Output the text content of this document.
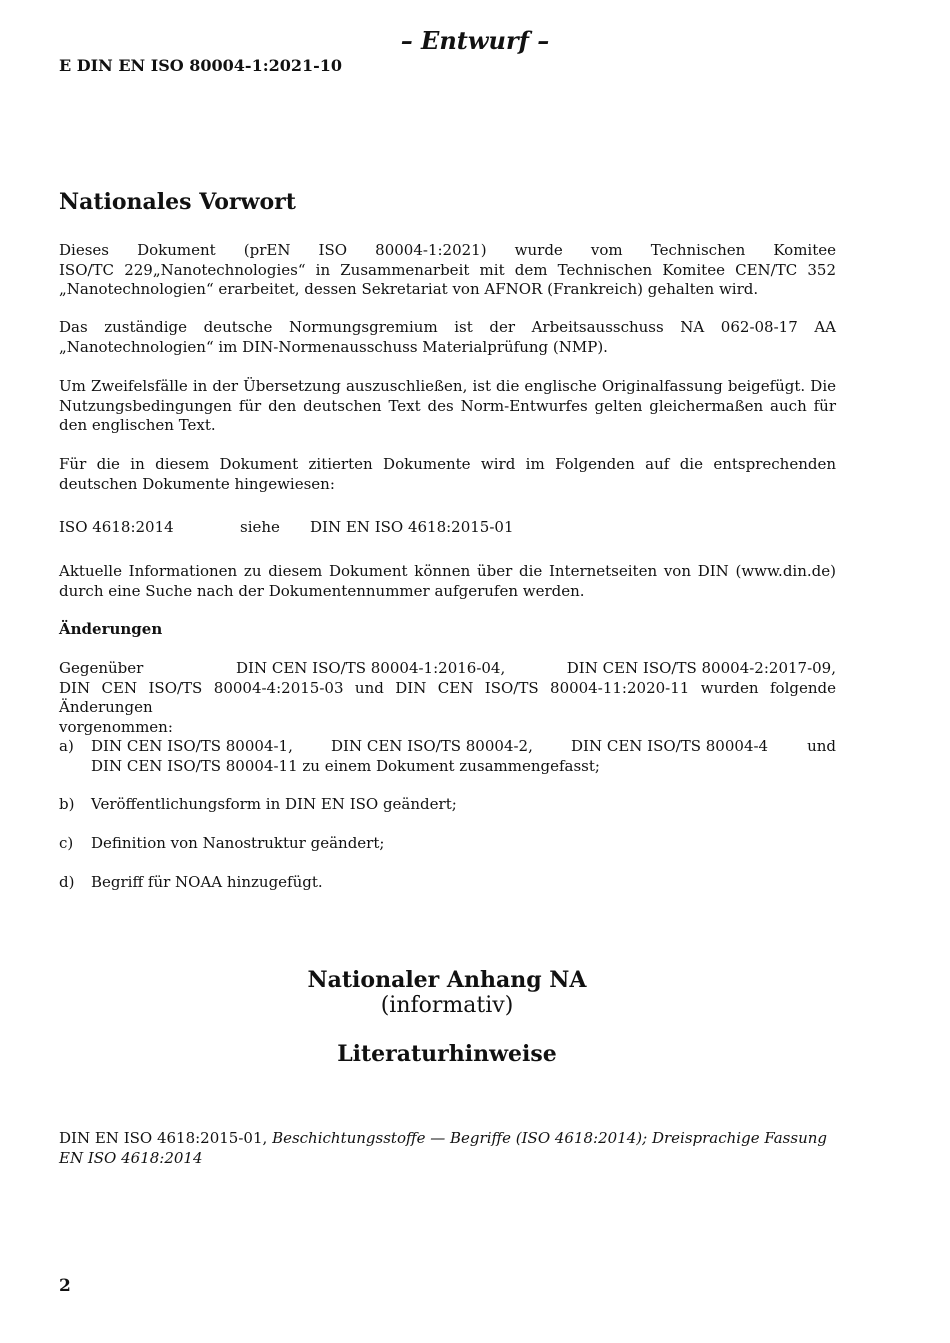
– Entwurf –
E DIN EN ISO 80004-1:2021-10
Nationales Vorwort
Dieses Dokument (prEN ISO 80004-1:2021) wurde vom Technischen Komitee
ISO/TC 229„Nanotechnologies“ in Zusammenarbeit mit dem Technischen Komitee CEN/TC 352
„Nanotechnologien“ erarbeitet, dessen Sekretariat von AFNOR (Frankreich) gehalten wird.
Das zuständige deutsche Normungsgremium ist der Arbeitsausschuss NA 062-08-17 AA „Nanotechnologien“ im DIN-Normenausschuss Materialprüfung (NMP).
Um Zweifelsfälle in der Übersetzung auszuschließen, ist die englische Originalfassung beigefügt. Die Nutzungsbedingungen für den deutschen Text des Norm-Entwurfes gelten gleichermaßen auch für den englischen Text.
Für die in diesem Dokument zitierten Dokumente wird im Folgenden auf die entsprechenden deutschen Dokumente hingewiesen:
ISO 4618:2014	siehe DIN EN ISO 4618:2015-01
Aktuelle Informationen zu diesem Dokument können über die Internetseiten von DIN (www.din.de) durch eine Suche nach der Dokumentennummer aufgerufen werden.
Änderungen
Gegenüber	DIN CEN ISO/TS 80004-1:2016-04,	DIN CEN ISO/TS 80004-2:2017-09,
DIN CEN ISO/TS 80004-4:2015-03 und DIN CEN ISO/TS 80004-11:2020-11 wurden folgende Änderungen
vorgenommen:
a) DIN CEN ISO/TS 80004-1,	DIN CEN ISO/TS 80004-2,	DIN CEN ISO/TS 80004-4	und
DIN CEN ISO/TS 80004-11 zu einem Dokument zusammengefasst;
b) Veröffentlichungsform in DIN EN ISO geändert;
c) Definition von Nanostruktur geändert;
d) Begriff für NOAA hinzugefügt.
Nationaler Anhang NA
(informativ)
Literaturhinweise
DIN EN ISO 4618:2015-01, Beschichtungsstoffe — Begriffe (ISO 4618:2014); Dreisprachige Fassung
EN ISO 4618:2014
2
